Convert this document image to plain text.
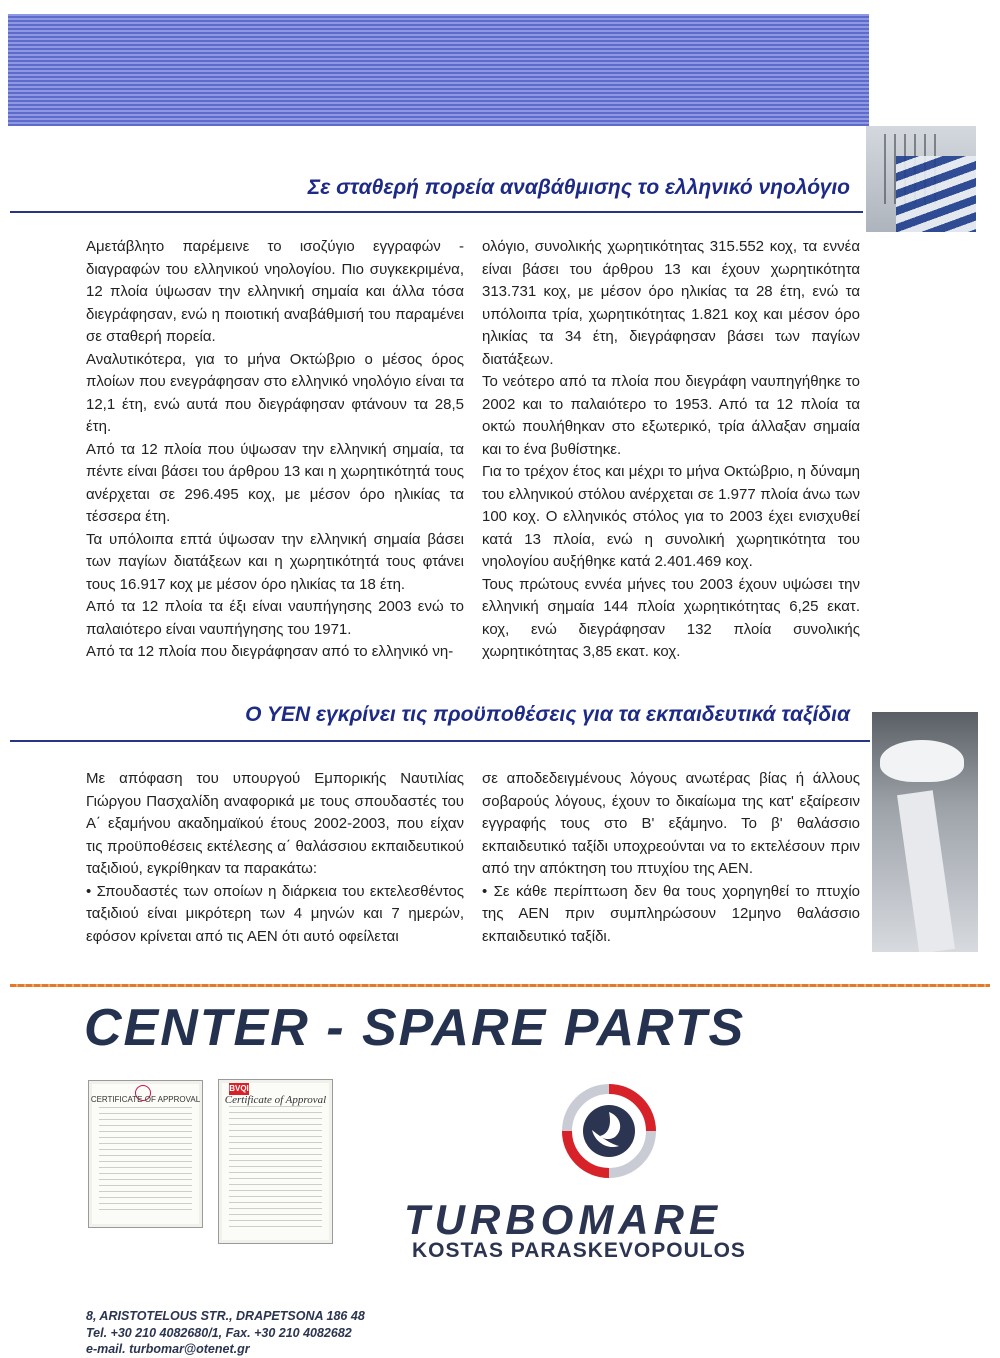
Σε σταθερή πορεία αναβάθμισης το ελληνικό νηολόγιο

Αμετάβλητο παρέμεινε το ισοζύγιο εγγραφών - διαγραφών του ελληνικού νηολογίου. Πιο συγκεκριμένα, 12 πλοία ύψωσαν την ελληνική σημαία και άλλα τόσα διεγράφησαν, ενώ η ποιοτική αναβάθμισή του παραμένει σε σταθερή πορεία.

Αναλυτικότερα, για το μήνα Οκτώβριο ο μέσος όρος πλοίων που ενεγράφησαν στο ελληνικό νηολόγιο είναι τα 12,1 έτη, ενώ αυτά που διεγράφησαν φτάνουν τα 28,5 έτη.

Από τα 12 πλοία που ύψωσαν την ελληνική σημαία, τα πέντε είναι βάσει του άρθρου 13 και η χωρητικότητά τους ανέρχεται σε 296.495 κοχ, με μέσον όρο ηλικίας τα τέσσερα έτη.

Τα υπόλοιπα επτά ύψωσαν την ελληνική σημαία βάσει των παγίων διατάξεων και η χωρητικότητά τους φτάνει τους 16.917 κοχ με μέσον όρο ηλικίας τα 18 έτη.

Από τα 12 πλοία τα έξι είναι ναυπήγησης 2003 ενώ το παλαιότερο είναι ναυπήγησης του 1971.

Από τα 12 πλοία που διεγράφησαν από το ελληνικό νη-

ολόγιο, συνολικής χωρητικότητας 315.552 κοχ, τα εννέα είναι βάσει του άρθρου 13 και έχουν χωρητικότητα 313.731 κοχ, με μέσον όρο ηλικίας τα 28 έτη, ενώ τα υπόλοιπα τρία, χωρητικότητας 1.821 κοχ και μέσον όρο ηλικίας τα 34 έτη, διεγράφησαν βάσει των παγίων διατάξεων.

Το νεότερο από τα πλοία που διεγράφη ναυπηγήθηκε το 2002 και το παλαιότερο το 1953. Από τα 12 πλοία τα οκτώ πουλήθηκαν στο εξωτερικό, τρία άλλαξαν σημαία και το ένα βυθίστηκε.

Για το τρέχον έτος και μέχρι το μήνα Οκτώβριο, η δύναμη του ελληνικού στόλου ανέρχεται σε 1.977 πλοία άνω των 100 κοχ. Ο ελληνικός στόλος για το 2003 έχει ενισχυθεί κατά 13 πλοία, ενώ η συνολική χωρητικότητα του νηολογίου αυξήθηκε κατά 2.401.469 κοχ.

Τους πρώτους εννέα μήνες του 2003 έχουν υψώσει την ελληνική σημαία 144 πλοία χωρητικότητας 6,25 εκατ. κοχ, ενώ διεγράφησαν 132 πλοία συνολικής χωρητικότητας 3,85 εκατ. κοχ.

Ο ΥΕΝ εγκρίνει τις προϋποθέσεις για τα εκπαιδευτικά ταξίδια

Με απόφαση του υπουργού Εμπορικής Ναυτιλίας Γιώργου Πασχαλίδη αναφορικά με τους σπουδαστές του Α΄ εξαμήνου ακαδημαϊκού έτους 2002-2003, που είχαν τις προϋποθέσεις εκτέλεσης α΄ θαλάσσιου εκπαιδευτικού ταξιδιού, εγκρίθηκαν τα παρακάτω:

• Σπουδαστές των οποίων η διάρκεια του εκτελεσθέντος ταξιδιού είναι μικρότερη των 4 μηνών και 7 ημερών, εφόσον κρίνεται από τις ΑΕΝ ότι αυτό οφείλεται

σε αποδεδειγμένους λόγους ανωτέρας βίας ή άλλους σοβαρούς λόγους, έχουν το δικαίωμα της κατ' εξαίρεσιν εγγραφής τους στο Β' εξάμηνο. Το β' θαλάσσιο εκπαιδευτικό ταξίδι υποχρεούνται να το εκτελέσουν πριν από την απόκτηση του πτυχίου της ΑΕΝ.

• Σε κάθε περίπτωση δεν θα τους χορηγηθεί το πτυχίο της ΑΕΝ πριν συμπληρώσουν 12μηνο θαλάσσιο εκπαιδευτικό ταξίδι.

CENTER - SPARE PARTS
CERTIFICATE OF APPROVAL
BVQI
Certificate of Approval
TURBOMARE
KOSTAS PARASKEVOPOULOS
8, ARISTOTELOUS STR., DRAPETSONA 186 48
Tel. +30 210 4082680/1, Fax. +30 210 4082682
e-mail. turbomar@otenet.gr
